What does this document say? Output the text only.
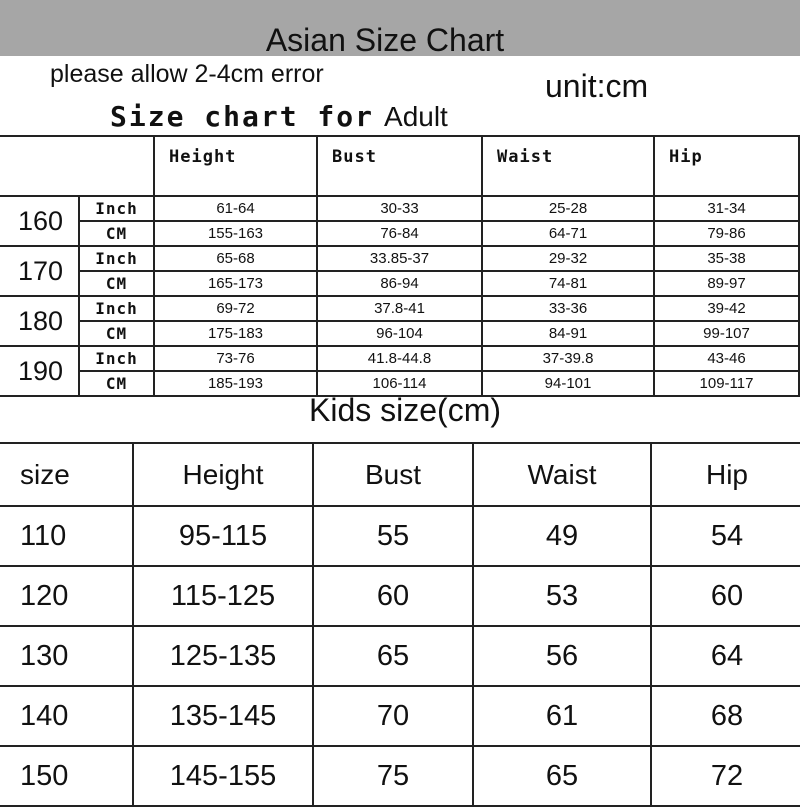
Asian Size Chart
please allow 2-4cm error	unit:cm
Size chart for Adult
		Height	Bust	Waist	Hip
160	Inch	61-64	30-33	25-28	31-34
	CM	155-163	76-84	64-71	79-86
170	Inch	65-68	33.85-37	29-32	35-38
	CM	165-173	86-94	74-81	89-97
180	Inch	69-72	37.8-41	33-36	39-42
	CM	175-183	96-104	84-91	99-107
190	Inch	73-76	41.8-44.8	37-39.8	43-46
	CM	185-193	106-114	94-101	109-117
Kids size(cm)
size	Height	Bust	Waist	Hip
110	95-115	55	49	54
120	115-125	60	53	60
130	125-135	65	56	64
140	135-145	70	61	68
150	145-155	75	65	72
